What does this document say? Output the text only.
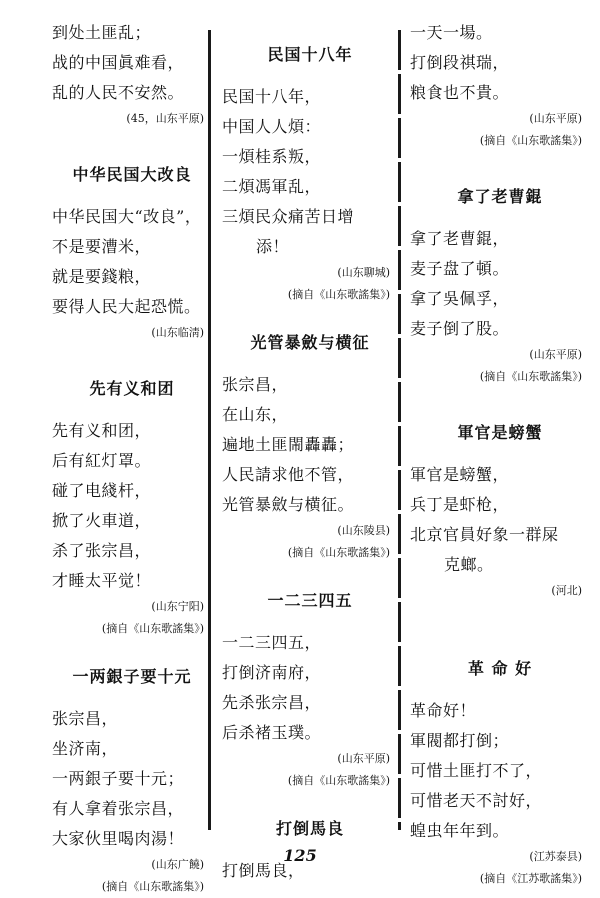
到处土匪乱；
战的中国眞难看，
乱的人民不安然。
(45，山东平原)
中华民国大改良
中华民国大“改良”，
不是要漕米，
就是要錢粮，
要得人民大起恐慌。
(山东临淸)
先有义和团
先有义和团，
后有紅灯罩。
碰了电綫杆，
掀了火車道，
杀了张宗昌，
才睡太平觉！
(山东宁阳)
(摘自《山东歌謠集》)
一两銀子要十元
张宗昌，
坐济南，
一两銀子要十元；
有人拿着张宗昌，
大家伙里喝肉湯！
(山东广饒)
(摘自《山东歌謠集》)
民国十八年
民国十八年，
中国人人煩：
一煩桂系叛，
二煩馮軍乱，
三煩民众痛苦日增
添！
(山东聊城)
(摘自《山东歌謠集》)
光管暴斂与横征
张宗昌，
在山东，
遍地土匪閙轟轟；
人民請求他不管，
光管暴斂与横征。
(山东陵县)
(摘自《山东歌謠集》)
一二三四五
一二三四五，
打倒济南府，
先杀张宗昌，
后杀褚玉璞。
(山东平原)
(摘自《山东歌謠集》)
打倒馬良
打倒馬良，
一天一場。
打倒段祺瑞，
粮食也不貴。
(山东平原)
(摘自《山东歌謠集》)
拿了老曹錕
拿了老曹錕，
麦子盘了頓。
拿了吳佩孚，
麦子倒了股。
(山东平原)
(摘自《山东歌謠集》)
軍官是螃蟹
軍官是螃蟹，
兵丁是虾枪，
北京官員好象一群屎
克螂。
(河北)
革 命 好
革命好！
軍閥都打倒；
可惜土匪打不了，
可惜老天不討好，
蝗虫年年到。
(江苏泰县)
(摘自《江苏歌謠集》)
125
